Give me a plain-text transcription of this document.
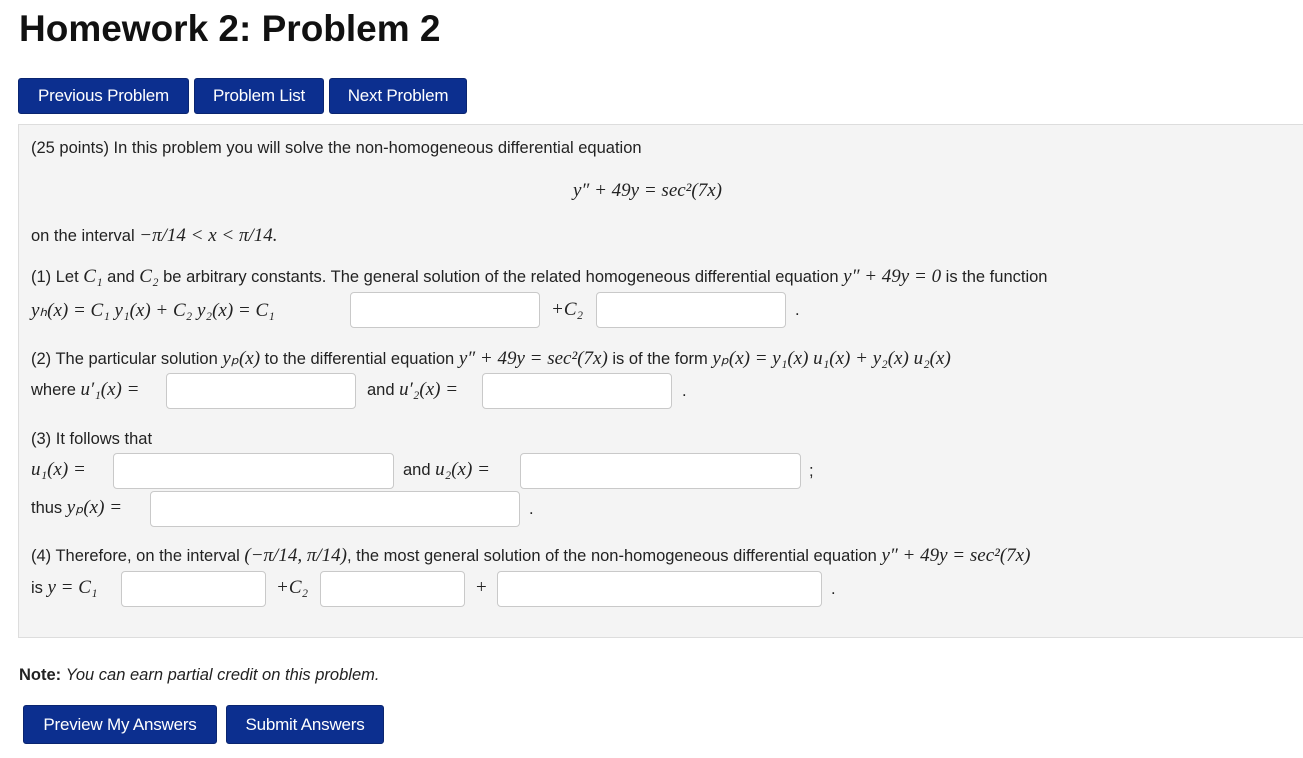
Homework 2: Problem 2
Previous Problem	Problem List	Next Problem
(25 points) In this problem you will solve the non-homogeneous differential equation
y″ + 49y = sec²(7x)
on the interval −π/14 < x < π/14.
(1) Let C₁ and C₂ be arbitrary constants. The general solution of the related homogeneous differential equation y″ + 49y = 0 is the function
yₕ(x) = C₁ y₁(x) + C₂ y₂(x) = C₁	+C₂	.
(2) The particular solution yₚ(x) to the differential equation y″ + 49y = sec²(7x) is of the form yₚ(x) = y₁(x) u₁(x) + y₂(x) u₂(x)
where u′₁(x) =	and u′₂(x) =	.
(3) It follows that
u₁(x) =	and u₂(x) =	;
thus yₚ(x) =	.
(4) Therefore, on the interval (−π/14, π/14), the most general solution of the non-homogeneous differential equation y″ + 49y = sec²(7x)
is y = C₁	+C₂	+	.
Note: You can earn partial credit on this problem.
Preview My Answers	Submit Answers
